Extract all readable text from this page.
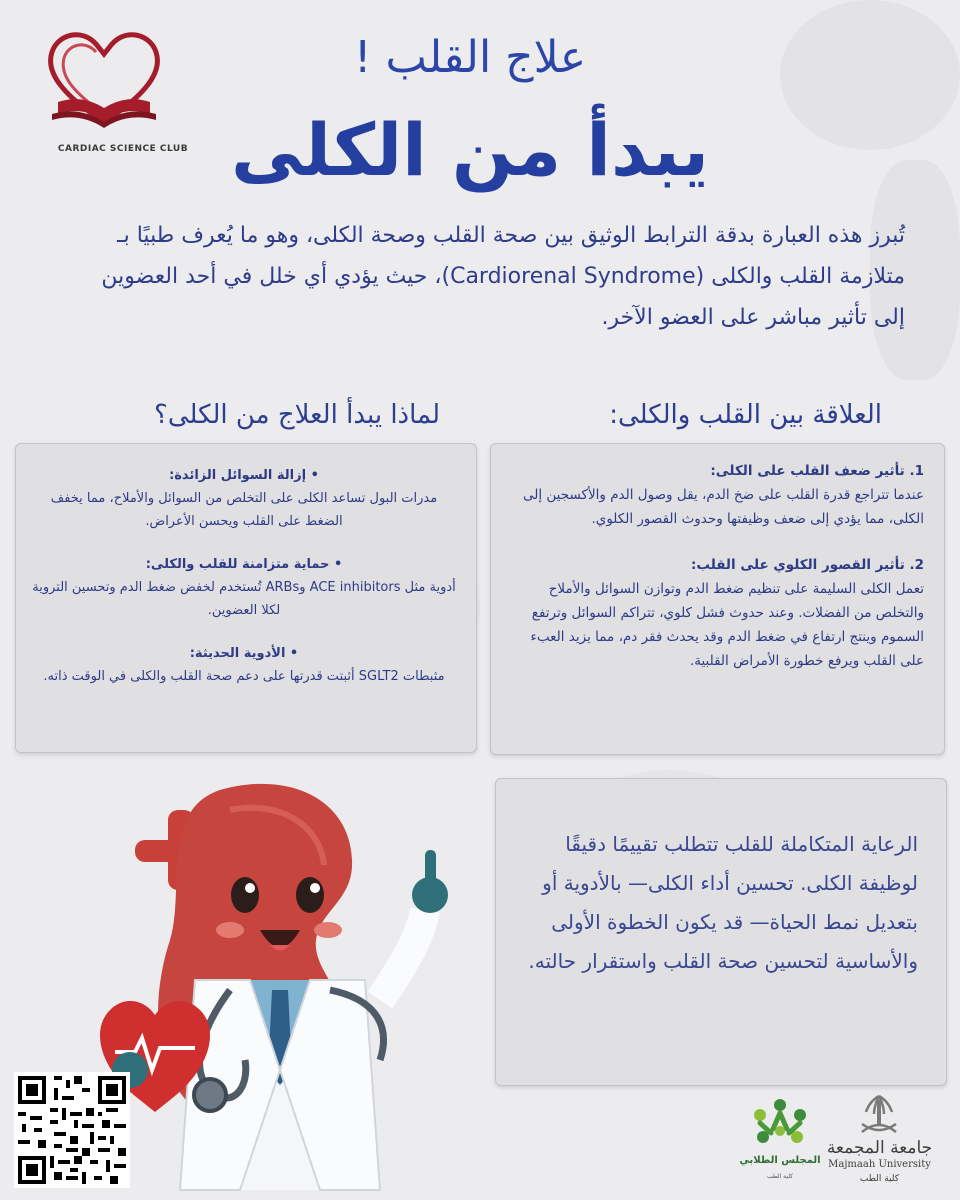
CARDIAC SCIENCE CLUB
علاج القلب !
يبدأ من الكلى
تُبرز هذه العبارة بدقة الترابط الوثيق بين صحة القلب وصحة الكلى، وهو ما يُعرف طبيًا بـ متلازمة القلب والكلى (Cardiorenal Syndrome)، حيث يؤدي أي خلل في أحد العضوين إلى تأثير مباشر على العضو الآخر.
لماذا يبدأ العلاج من الكلى؟	العلاقة بين القلب والكلى:
• إزالة السوائل الزائدة:
مدرات البول تساعد الكلى على التخلص من السوائل والأملاح، مما يخفف الضغط على القلب ويحسن الأعراض.
• حماية متزامنة للقلب والكلى:
أدوية مثل ACE inhibitors وARBs تُستخدم لخفض ضغط الدم وتحسين التروية لكلا العضوين.
• الأدوية الحديثة:
مثبطات SGLT2 أثبتت قدرتها على دعم صحة القلب والكلى في الوقت ذاته.
1. تأثير ضعف القلب على الكلى:
عندما تتراجع قدرة القلب على ضخ الدم، يقل وصول الدم والأكسجين إلى الكلى، مما يؤدي إلى ضعف وظيفتها وحدوث القصور الكلوي.
2. تأثير القصور الكلوي على القلب:
تعمل الكلى السليمة على تنظيم ضغط الدم وتوازن السوائل والأملاح والتخلص من الفضلات. وعند حدوث فشل كلوي، تتراكم السوائل وترتفع السموم وينتج ارتفاع في ضغط الدم وقد يحدث فقر دم، مما يزيد العبء على القلب ويرفع خطورة الأمراض القلبية.
الرعاية المتكاملة للقلب تتطلب تقييمًا دقيقًا لوظيفة الكلى. تحسين أداء الكلى— بالأدوية أو بتعديل نمط الحياة— قد يكون الخطوة الأولى والأساسية لتحسين صحة القلب واستقرار حالته.
المجلس الطلابي
كلية الطب
جامعة المجمعة
Majmaah University
كلية الطب
